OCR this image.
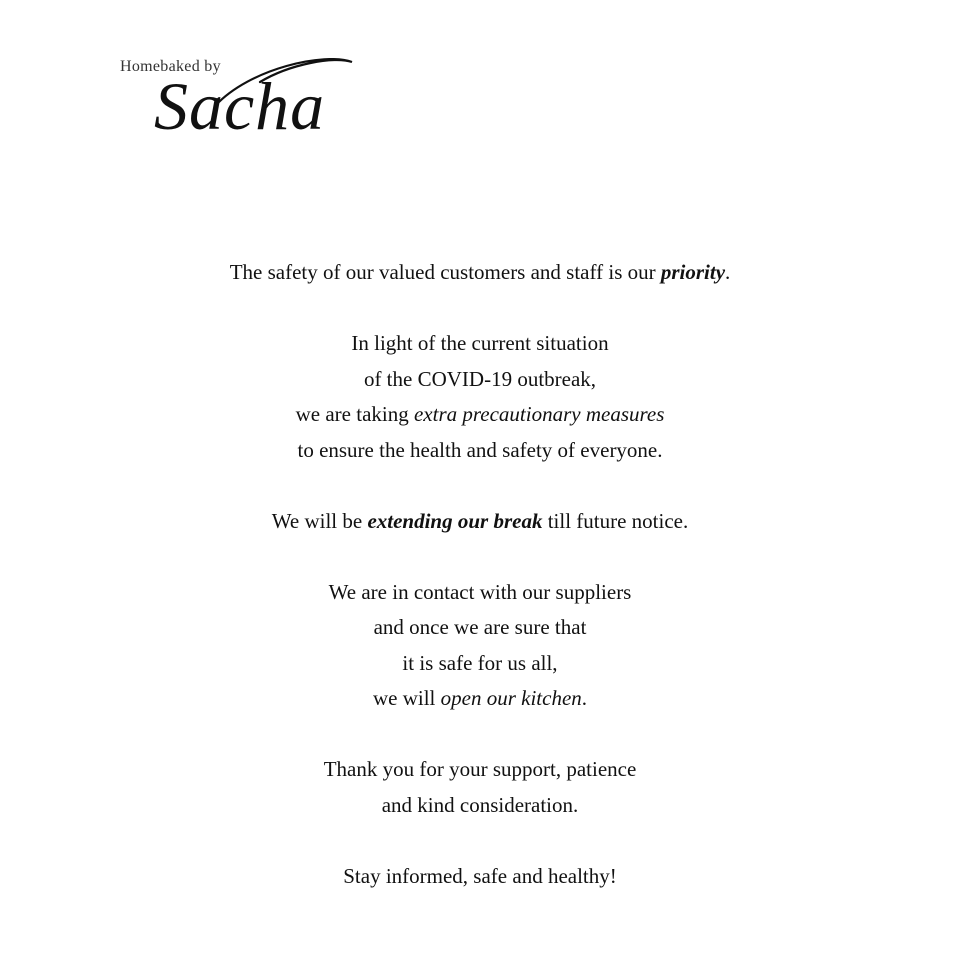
Homebaked by
Sacha
The safety of our valued customers and staff is our priority.
In light of the current situation
of the COVID-19 outbreak,
we are taking extra precautionary measures
to ensure the health and safety of everyone.
We will be extending our break till future notice.
We are in contact with our suppliers
and once we are sure that
it is safe for us all,
we will open our kitchen.
Thank you for your support, patience
and kind consideration.
Stay informed, safe and healthy!
